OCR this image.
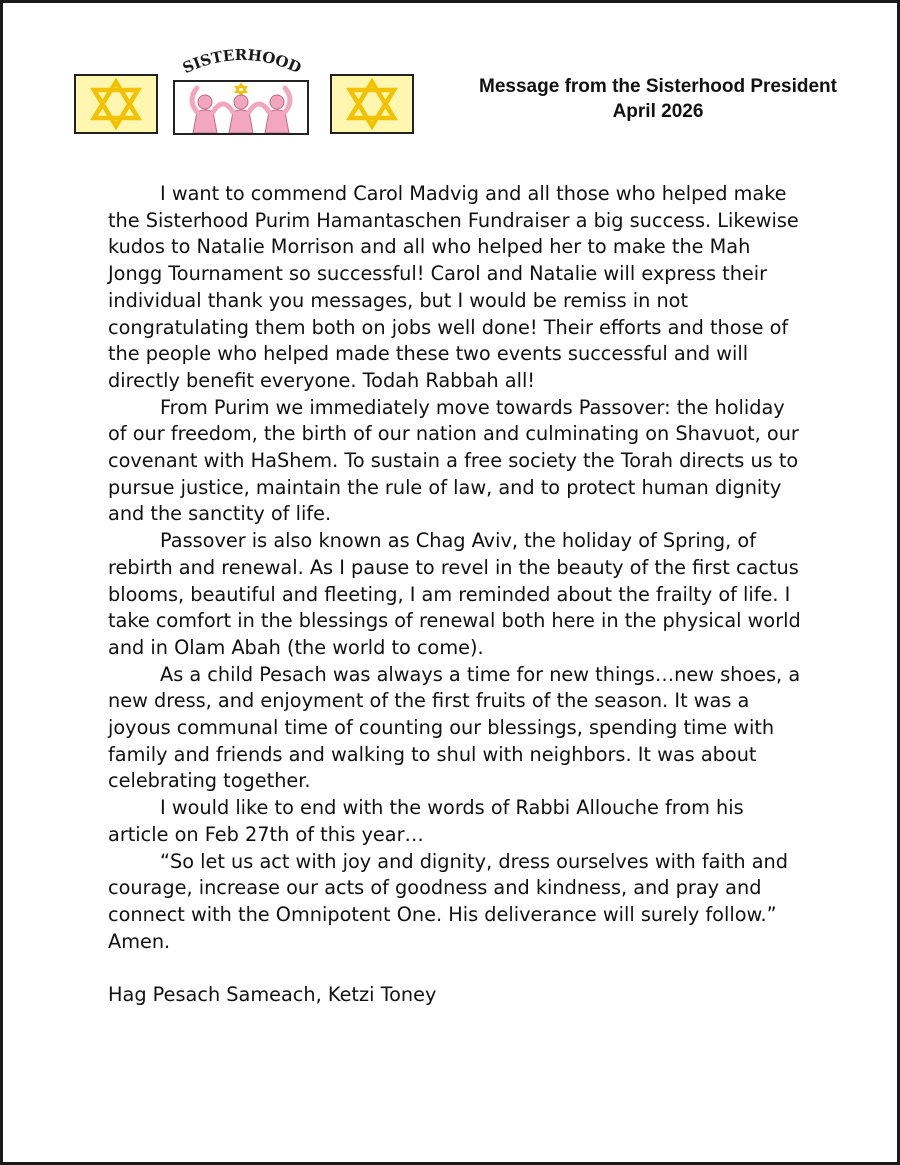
SISTERHOOD
Message from the Sisterhood President
April 2026

I want to commend Carol Madvig and all those who helped make the Sisterhood Purim Hamantaschen Fundraiser a big success. Likewise kudos to Natalie Morrison and all who helped her to make the Mah Jongg Tournament so successful! Carol and Natalie will express their individual thank you messages, but I would be remiss in not congratulating them both on jobs well done! Their efforts and those of the people who helped made these two events successful and will directly benefit everyone. Todah Rabbah all!

From Purim we immediately move towards Passover: the holiday of our freedom, the birth of our nation and culminating on Shavuot, our covenant with HaShem. To sustain a free society the Torah directs us to pursue justice, maintain the rule of law, and to protect human dignity and the sanctity of life.

Passover is also known as Chag Aviv, the holiday of Spring, of rebirth and renewal. As I pause to revel in the beauty of the first cactus blooms, beautiful and fleeting, I am reminded about the frailty of life. I take comfort in the blessings of renewal both here in the physical world and in Olam Abah (the world to come).

As a child Pesach was always a time for new things…new shoes, a new dress, and enjoyment of the first fruits of the season. It was a joyous communal time of counting our blessings, spending time with family and friends and walking to shul with neighbors. It was about celebrating together.

I would like to end with the words of Rabbi Allouche from his article on Feb 27th of this year…

“So let us act with joy and dignity, dress ourselves with faith and courage, increase our acts of goodness and kindness, and pray and connect with the Omnipotent One. His deliverance will surely follow.” Amen.

Hag Pesach Sameach, Ketzi Toney
